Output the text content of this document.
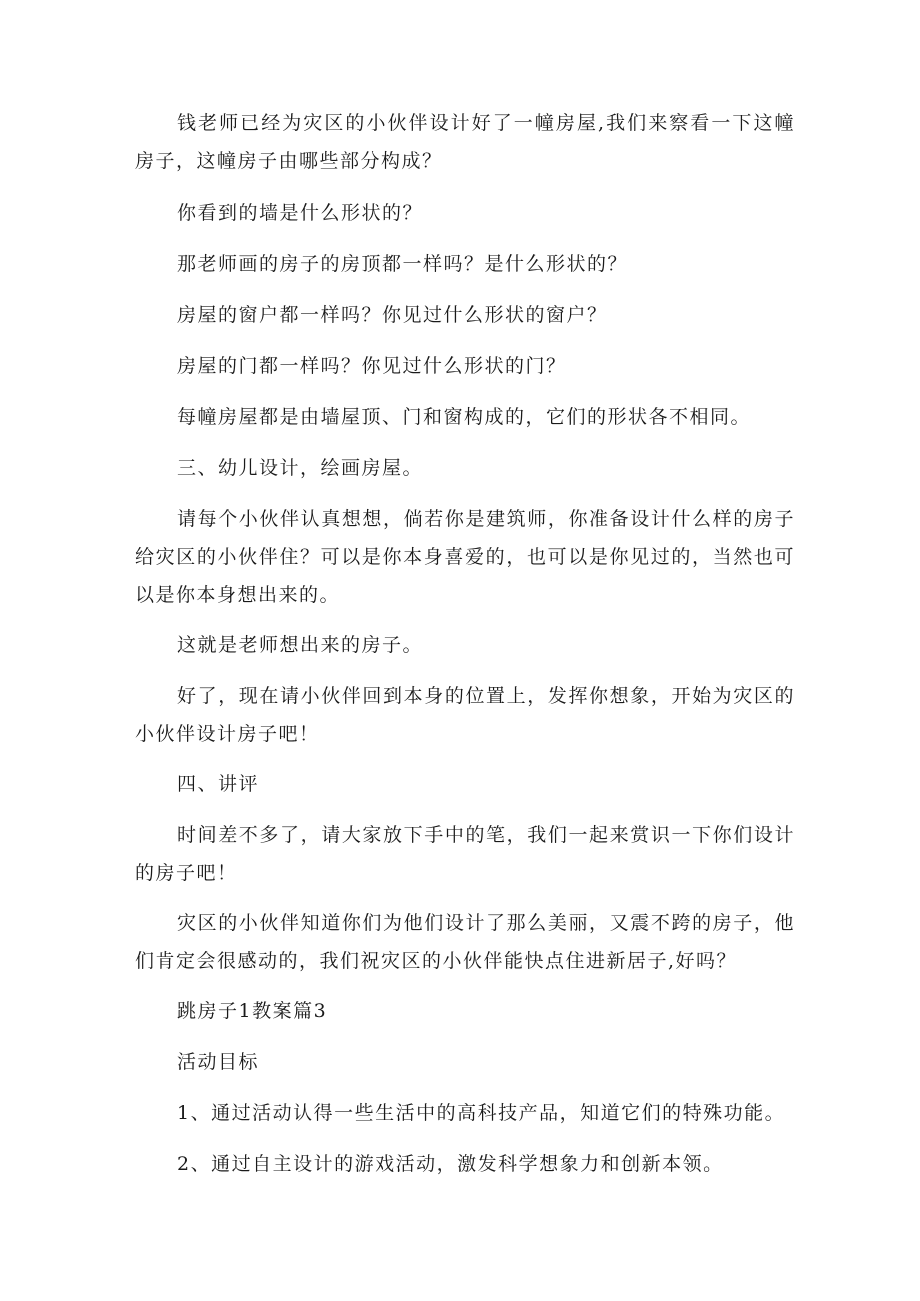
钱老师已经为灾区的小伙伴设计好了一幢房屋,我们来察看一下这幢房子，这幢房子由哪些部分构成？

你看到的墙是什么形状的？

那老师画的房子的房顶都一样吗？是什么形状的？

房屋的窗户都一样吗？你见过什么形状的窗户？

房屋的门都一样吗？你见过什么形状的门？

每幢房屋都是由墙屋顶、门和窗构成的，它们的形状各不相同。

三、幼儿设计，绘画房屋。

请每个小伙伴认真想想，倘若你是建筑师，你准备设计什么样的房子给灾区的小伙伴住？可以是你本身喜爱的，也可以是你见过的，当然也可以是你本身想出来的。

这就是老师想出来的房子。

好了，现在请小伙伴回到本身的位置上，发挥你想象，开始为灾区的小伙伴设计房子吧！

四、讲评

时间差不多了，请大家放下手中的笔，我们一起来赏识一下你们设计的房子吧！

灾区的小伙伴知道你们为他们设计了那么美丽，又震不跨的房子，他们肯定会很感动的，我们祝灾区的小伙伴能快点住进新居子,好吗？

跳房子1教案篇3

活动目标

1、通过活动认得一些生活中的高科技产品，知道它们的特殊功能。

2、通过自主设计的游戏活动，激发科学想象力和创新本领。
